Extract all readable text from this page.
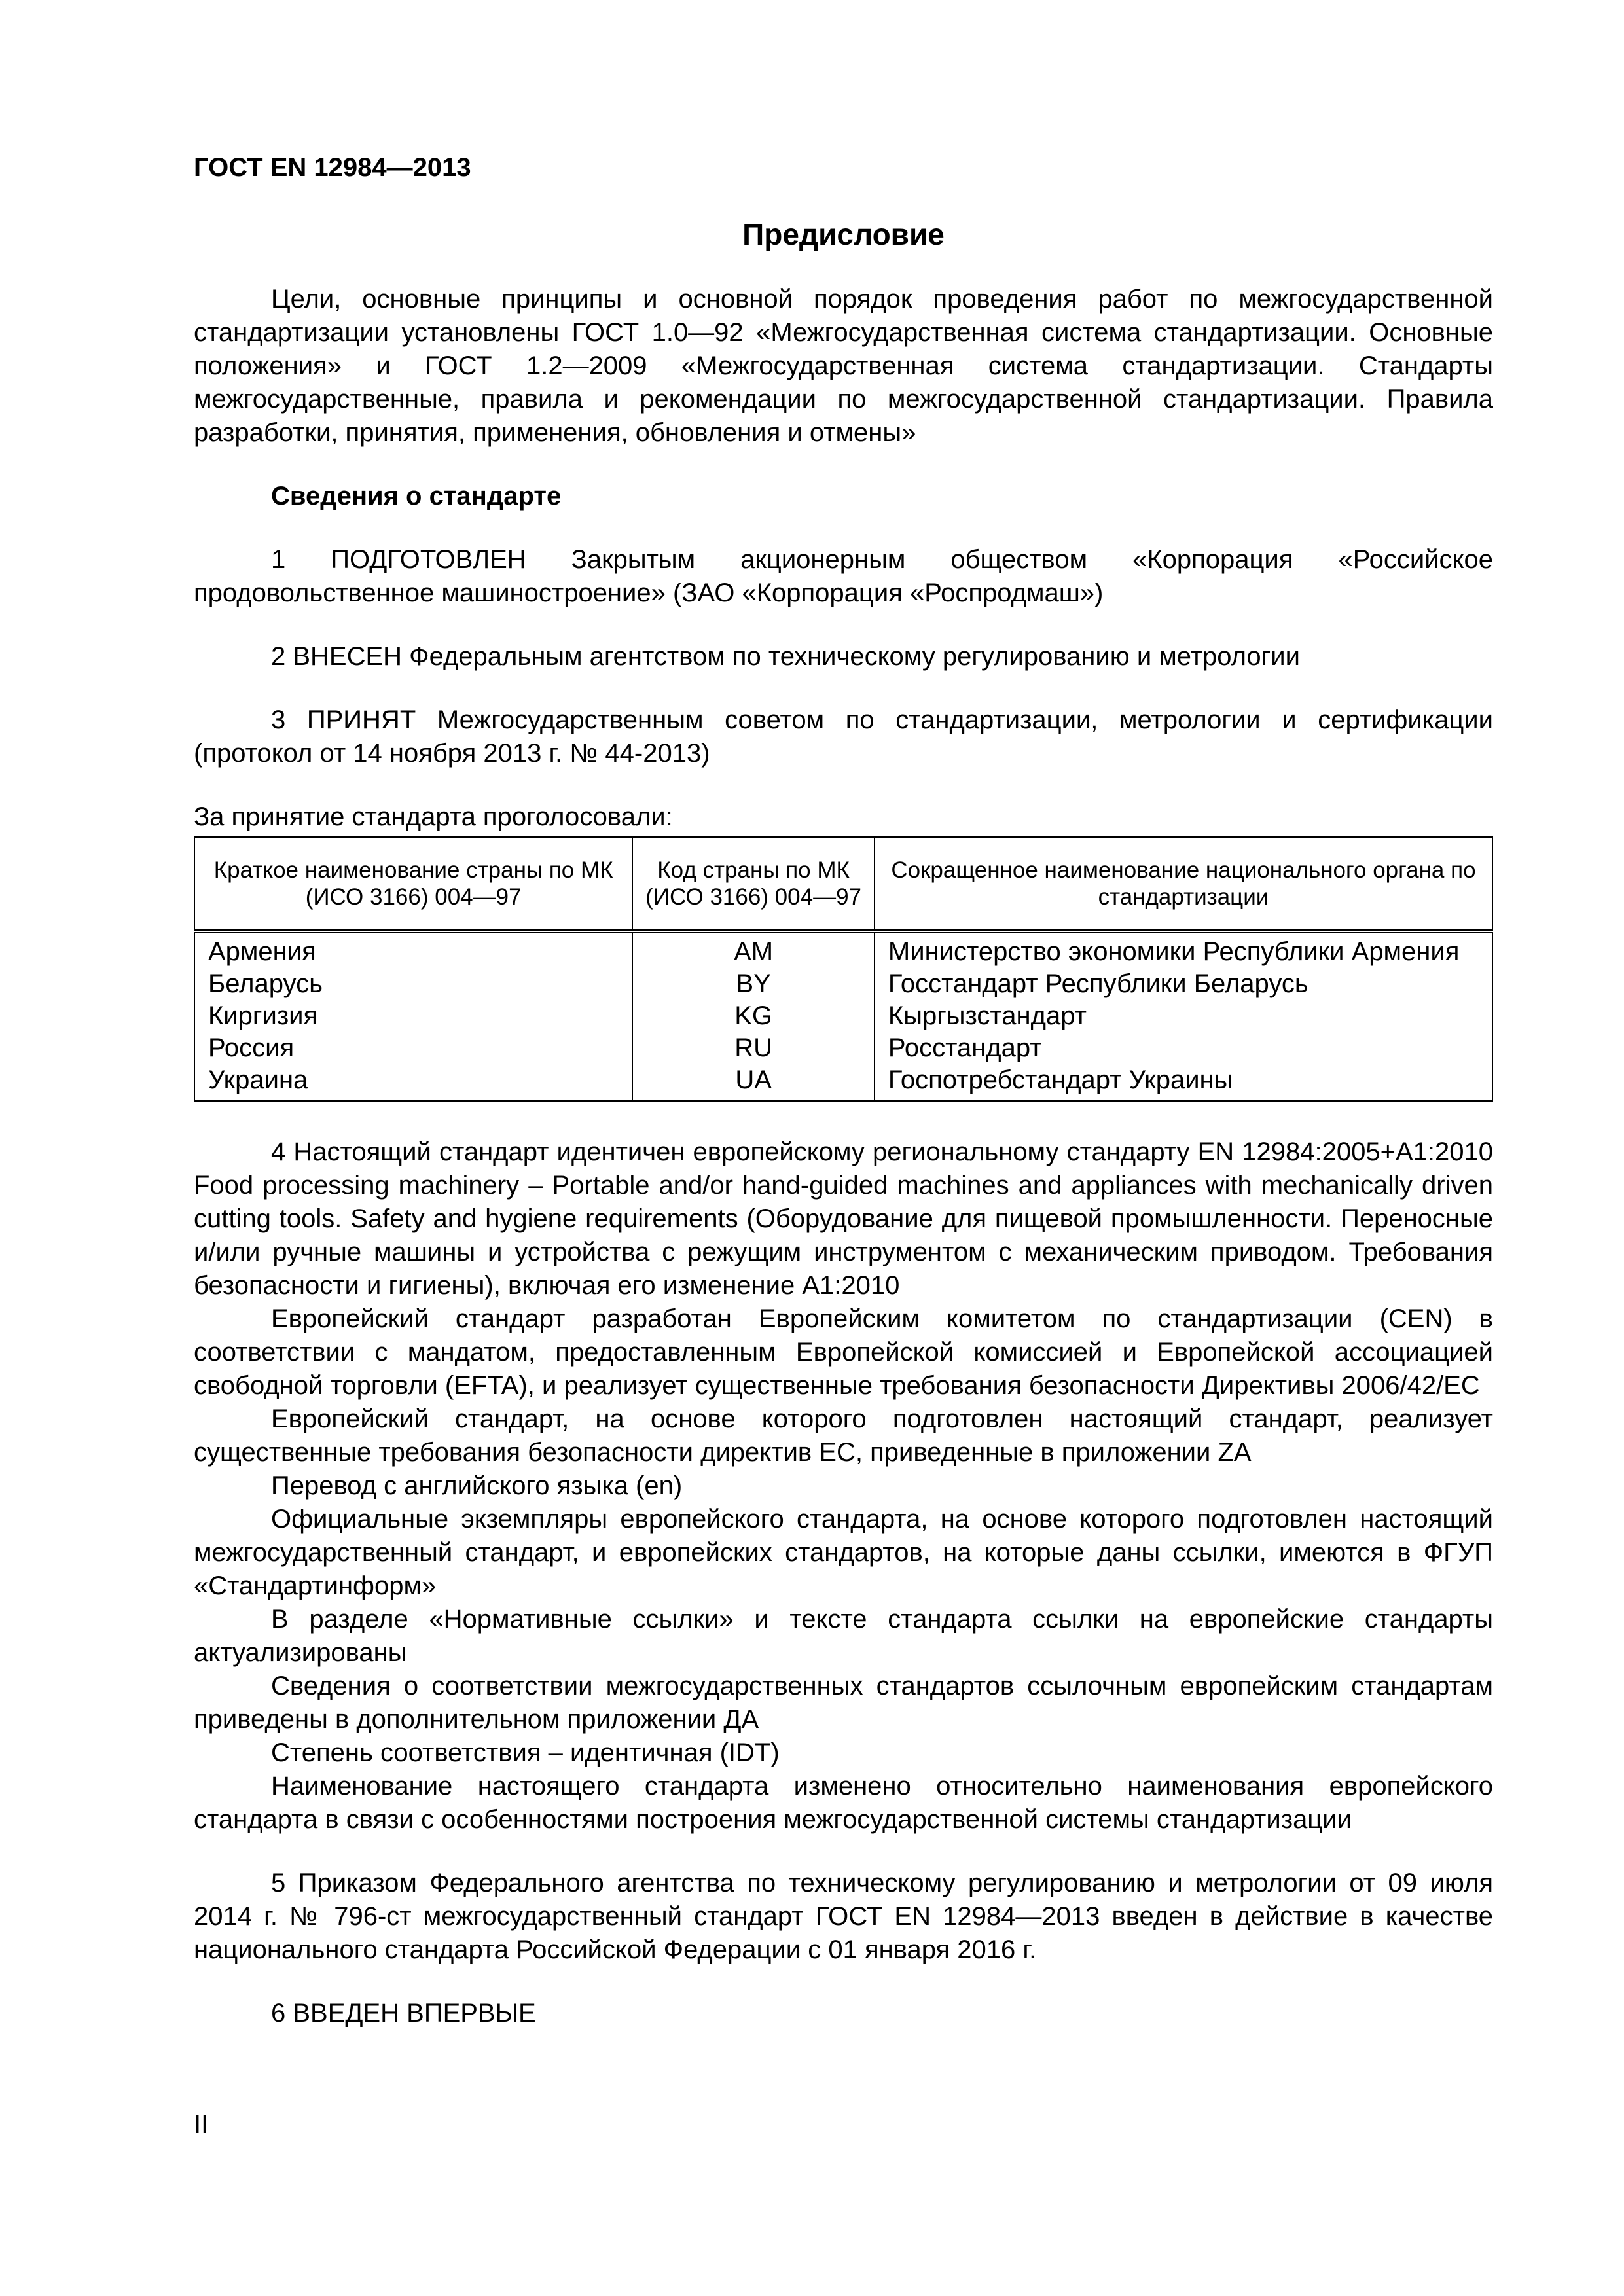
ГОСТ EN 12984—2013
Предисловие

Цели, основные принципы и основной порядок проведения работ по межгосударственной стандартизации установлены ГОСТ 1.0—92 «Межгосударственная система стандартизации. Основные положения» и ГОСТ 1.2—2009 «Межгосударственная система стандартизации. Стандарты межгосударственные, правила и рекомендации по межгосударственной стандартизации. Правила разработки, принятия, применения, обновления и отмены»

Сведения о стандарте

1 ПОДГОТОВЛЕН Закрытым акционерным обществом «Корпорация «Российское продовольственное машиностроение» (ЗАО «Корпорация «Роспродмаш»)

2 ВНЕСЕН Федеральным агентством по техническому регулированию и метрологии

3 ПРИНЯТ Межгосударственным советом по стандартизации, метрологии и сертификации (протокол от 14 ноября 2013 г. № 44-2013)

За принятие стандарта проголосовали:

Краткое наименование страны по МК (ИСО 3166) 004—97	Код страны по МК (ИСО 3166) 004—97	Сокращенное наименование национального органа по стандартизации
Армения	AM	Министерство экономики Республики Армения
Беларусь	BY	Госстандарт Республики Беларусь
Киргизия	KG	Кыргызстандарт
Россия	RU	Росстандарт
Украина	UA	Госпотребстандарт Украины

4 Настоящий стандарт идентичен европейскому региональному стандарту EN 12984:2005+A1:2010 Food processing machinery – Portable and/or hand-guided machines and appliances with mechanically driven cutting tools. Safety and hygiene requirements (Оборудование для пищевой промышленности. Переносные и/или ручные машины и устройства с режущим инструментом с механическим приводом. Требования безопасности и гигиены), включая его изменение А1:2010

Европейский стандарт разработан Европейским комитетом по стандартизации (CEN) в соответствии с мандатом, предоставленным Европейской комиссией и Европейской ассоциацией свободной торговли (EFTA), и реализует существенные требования безопасности Директивы 2006/42/ЕС

Европейский стандарт, на основе которого подготовлен настоящий стандарт, реализует существенные требования безопасности директив ЕС, приведенные в приложении ZA

Перевод с английского языка (en)

Официальные экземпляры европейского стандарта, на основе которого подготовлен настоящий межгосударственный стандарт, и европейских стандартов, на которые даны ссылки, имеются в ФГУП «Стандартинформ»

В разделе «Нормативные ссылки» и тексте стандарта ссылки на европейские стандарты актуализированы

Сведения о соответствии межгосударственных стандартов ссылочным европейским стандартам приведены в дополнительном приложении ДА

Степень соответствия – идентичная (IDT)

Наименование настоящего стандарта изменено относительно наименования европейского стандарта в связи с особенностями построения межгосударственной системы стандартизации

5 Приказом Федерального агентства по техническому регулированию и метрологии от 09 июля 2014 г. № 796-ст межгосударственный стандарт ГОСТ EN 12984—2013 введен в действие в качестве национального стандарта Российской Федерации с 01 января 2016 г.

6 ВВЕДЕН ВПЕРВЫЕ

II
